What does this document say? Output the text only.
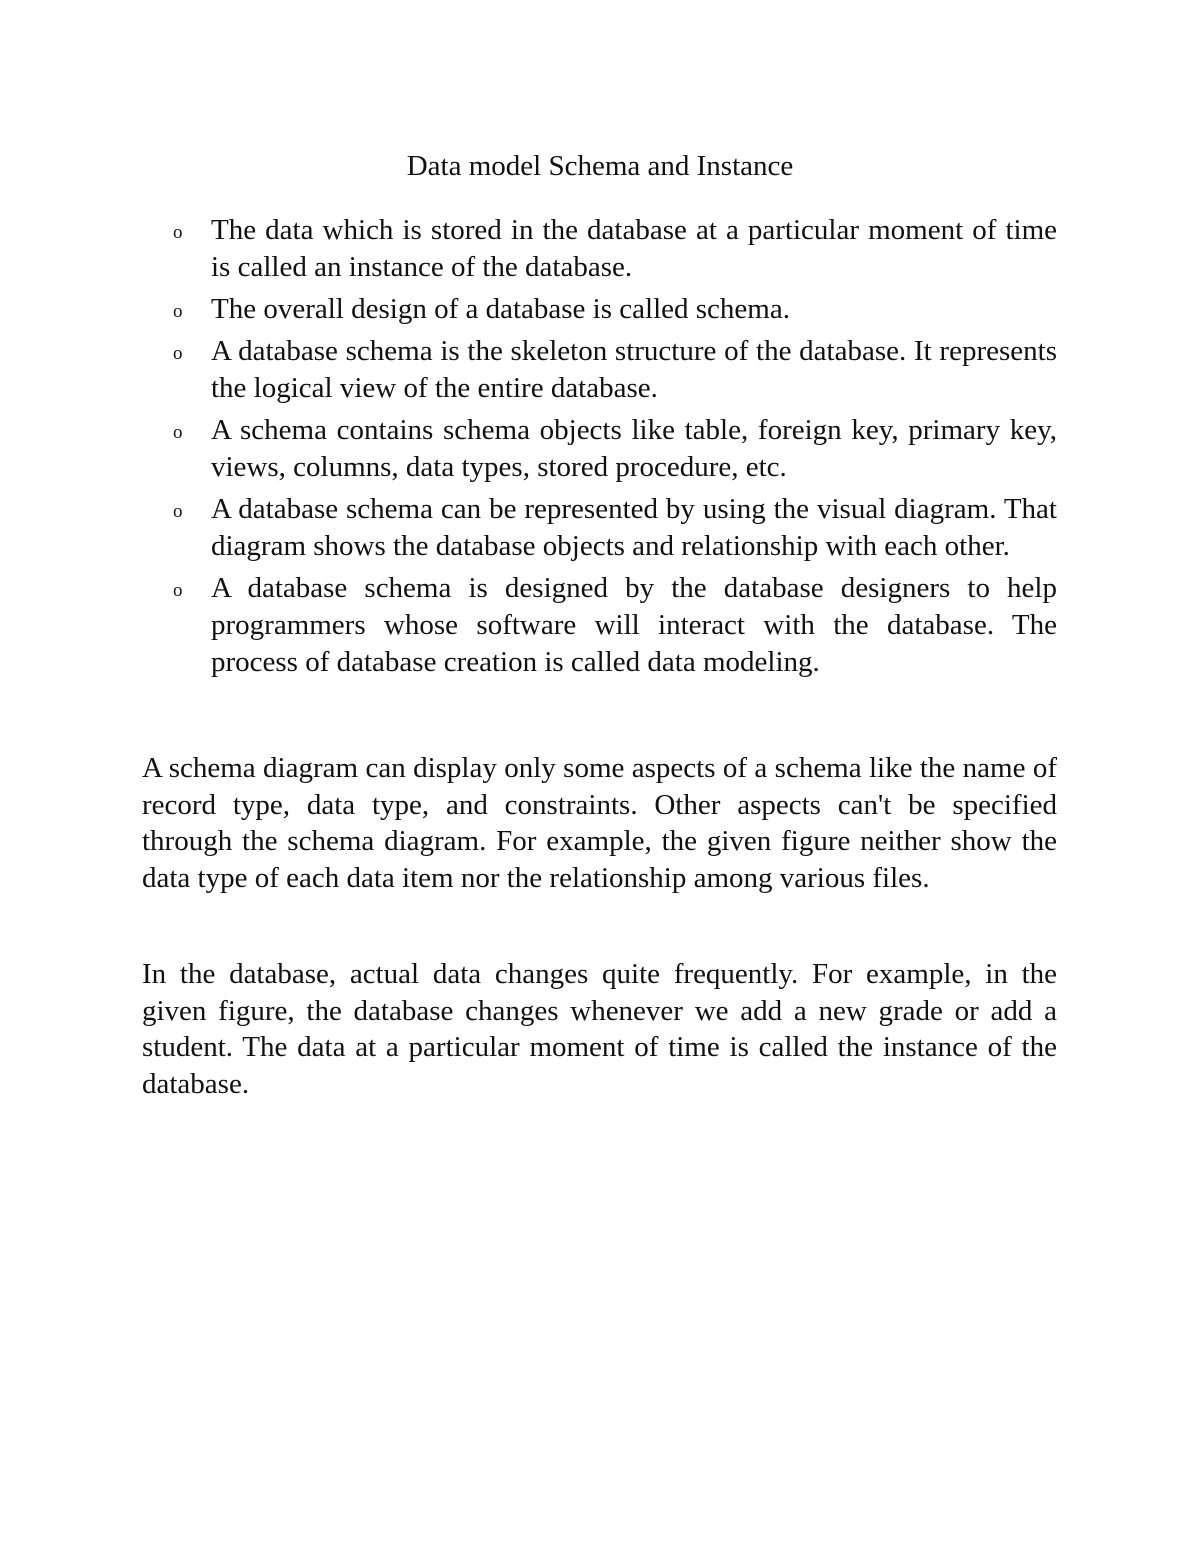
Data model Schema and Instance
o The data which is stored in the database at a particular moment of time is called an instance of the database.
o The overall design of a database is called schema.
o A database schema is the skeleton structure of the database. It represents the logical view of the entire database.
o A schema contains schema objects like table, foreign key, primary key, views, columns, data types, stored procedure, etc.
o A database schema can be represented by using the visual diagram. That diagram shows the database objects and relationship with each other.
o A database schema is designed by the database designers to help programmers whose software will interact with the database. The process of database creation is called data modeling.

A schema diagram can display only some aspects of a schema like the name of record type, data type, and constraints. Other aspects can't be specified through the schema diagram. For example, the given figure neither show the data type of each data item nor the relationship among various files.

In the database, actual data changes quite frequently. For example, in the given figure, the database changes whenever we add a new grade or add a student. The data at a particular moment of time is called the instance of the database.
